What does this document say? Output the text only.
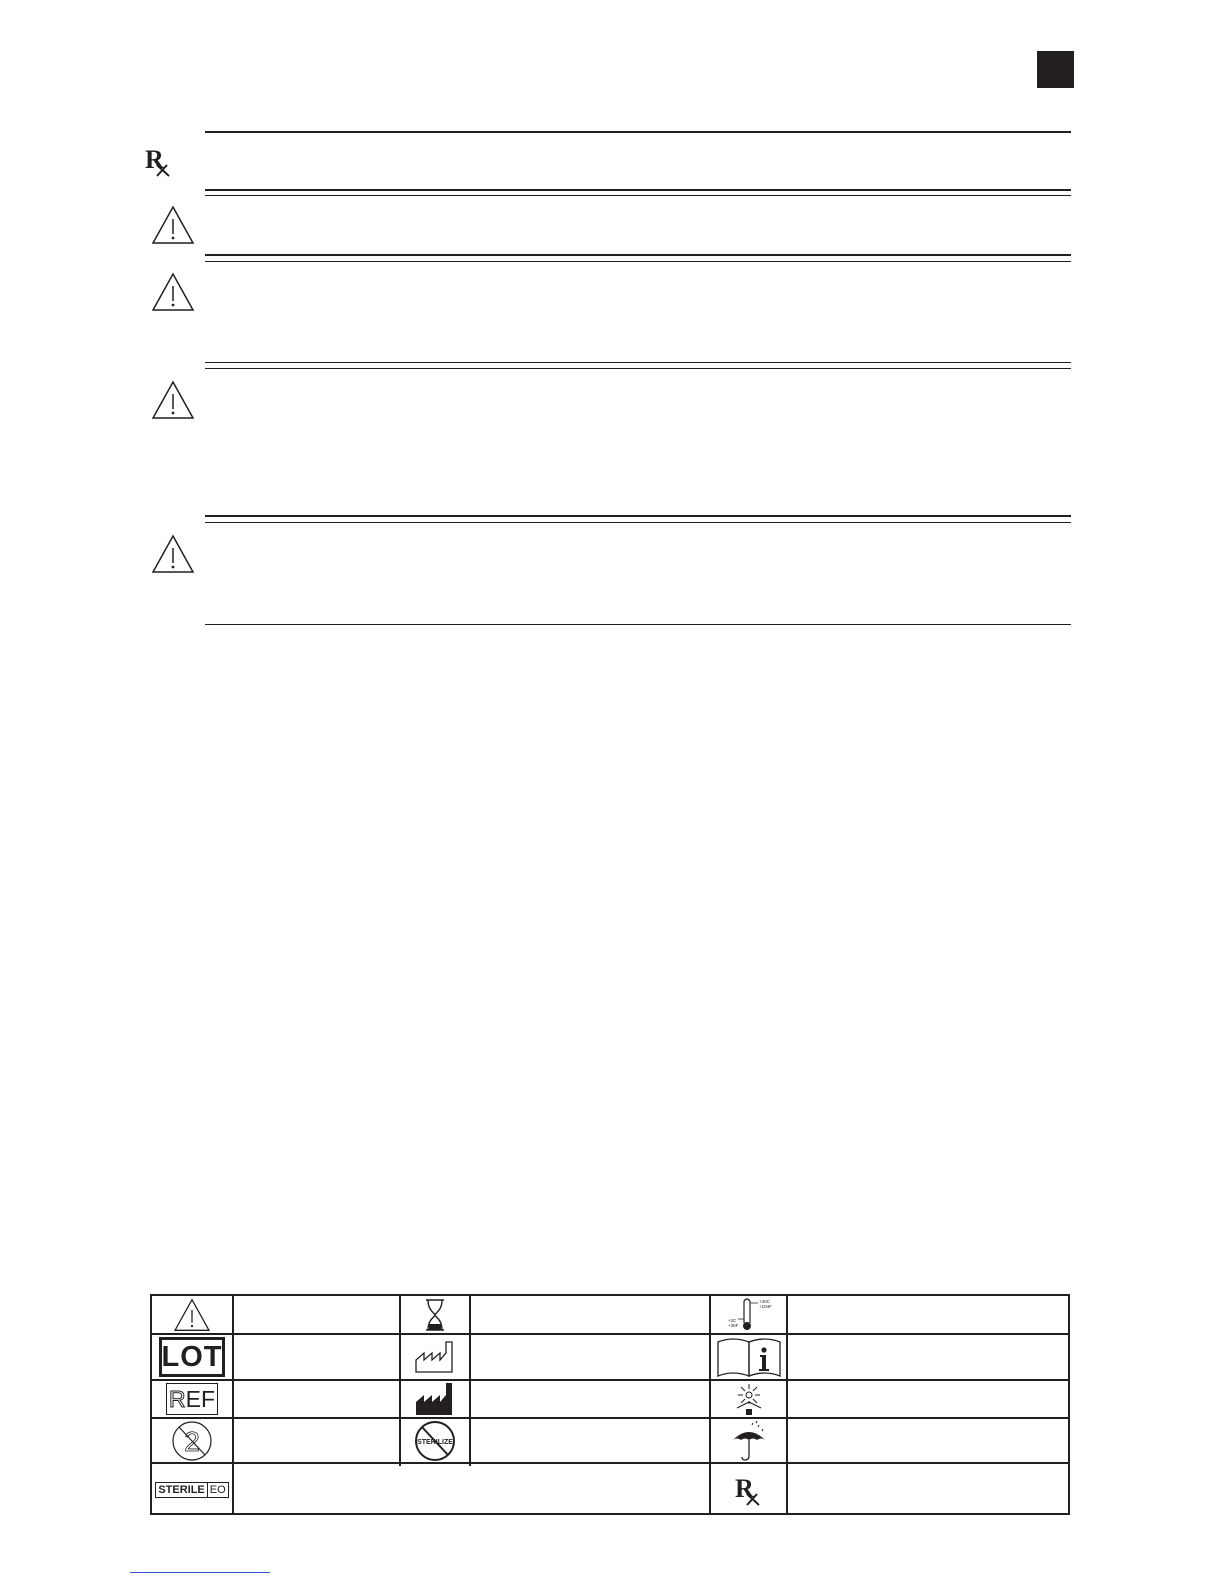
R
+40C
+104F
+2C
+36F
LOT
R EF
2	STERILIZE
STERILE EO	R
